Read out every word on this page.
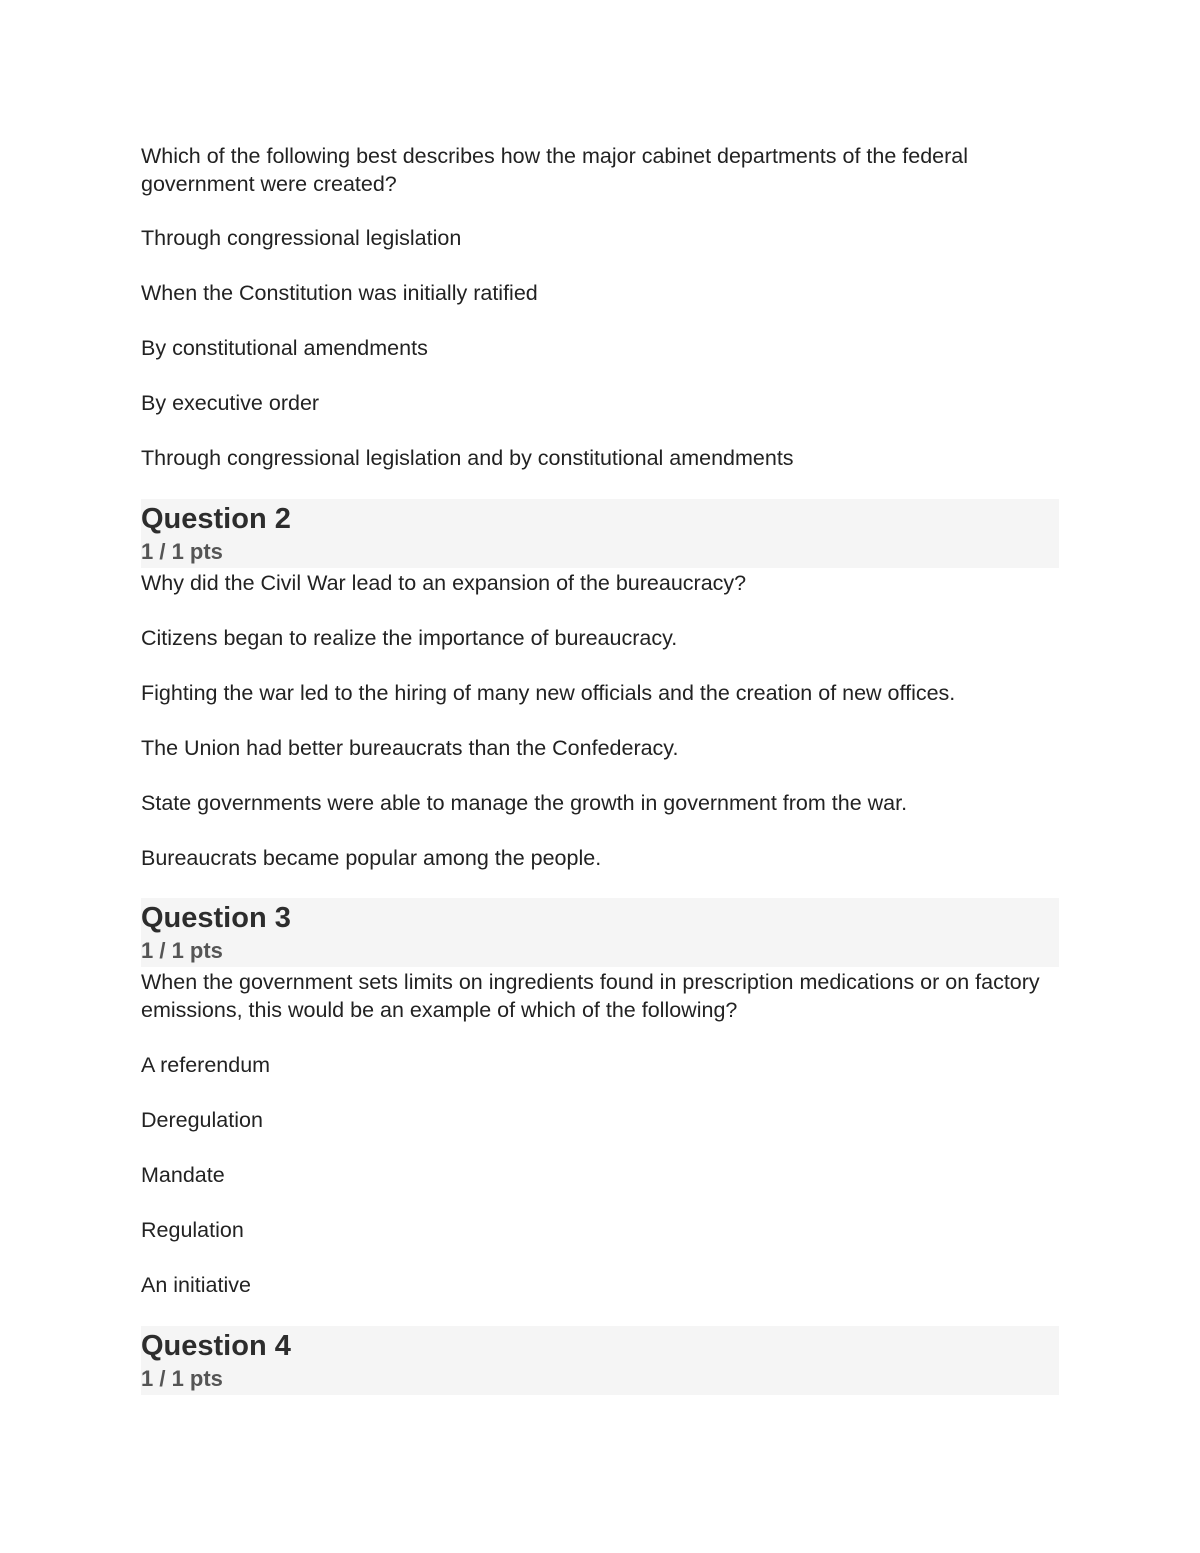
Which of the following best describes how the major cabinet departments of the federal government were created?

Through congressional legislation

When the Constitution was initially ratified

By constitutional amendments

By executive order

Through congressional legislation and by constitutional amendments

Question 2
1 / 1 pts

Why did the Civil War lead to an expansion of the bureaucracy?

Citizens began to realize the importance of bureaucracy.

Fighting the war led to the hiring of many new officials and the creation of new offices.

The Union had better bureaucrats than the Confederacy.

State governments were able to manage the growth in government from the war.

Bureaucrats became popular among the people.

Question 3
1 / 1 pts

When the government sets limits on ingredients found in prescription medications or on factory emissions, this would be an example of which of the following?

A referendum

Deregulation

Mandate

Regulation

An initiative

Question 4
1 / 1 pts
